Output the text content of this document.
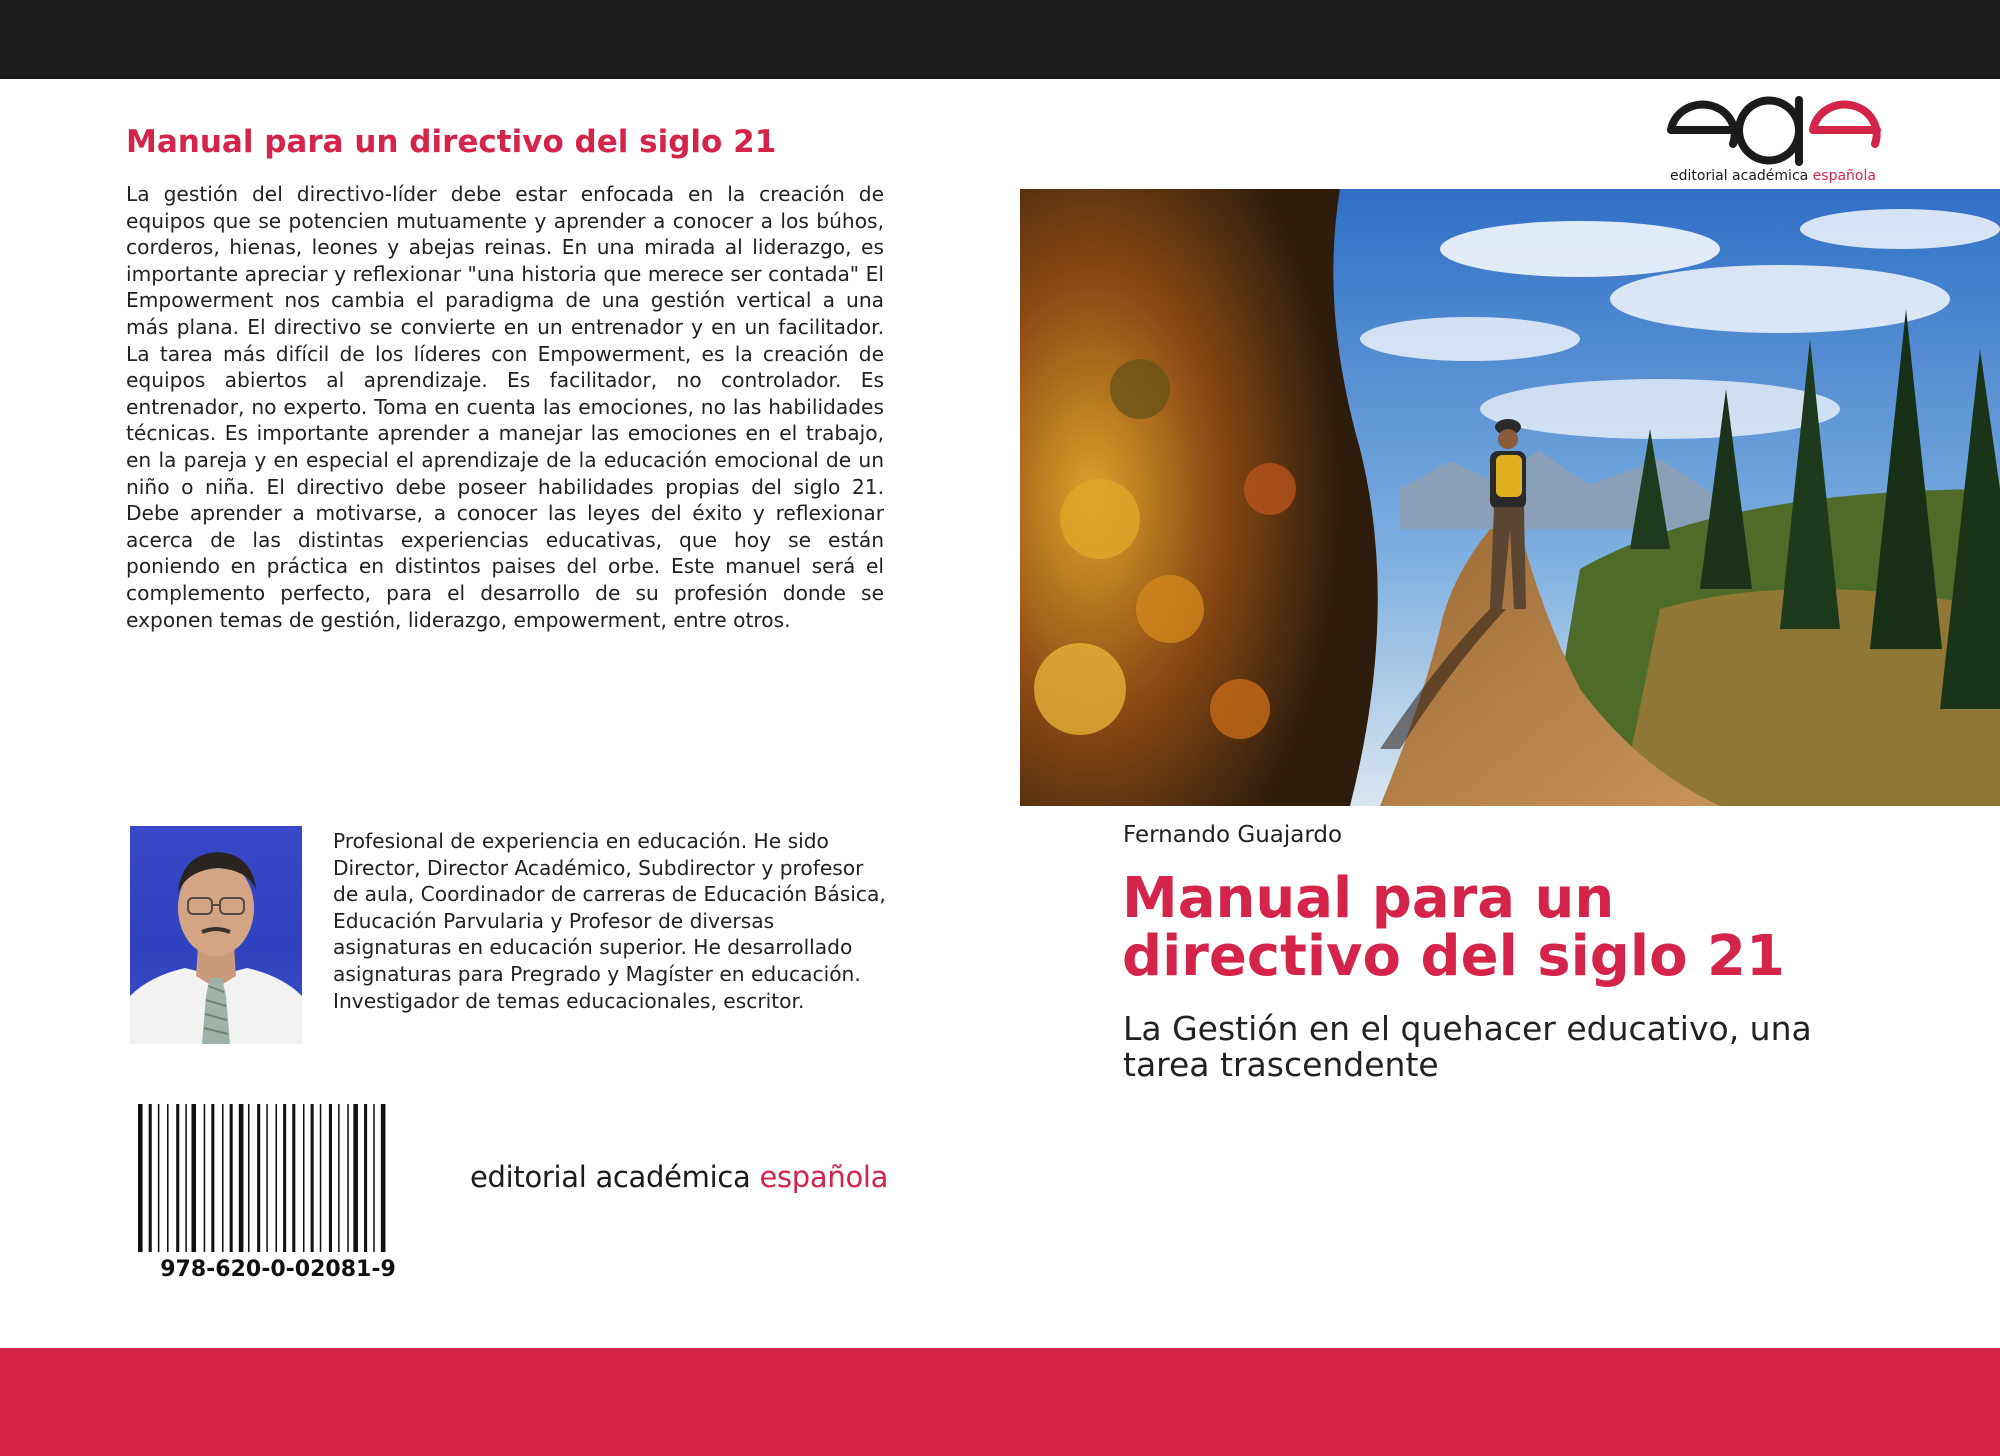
Manual para un directivo del siglo 21

La gestión del directivo-líder debe estar enfocada en la creación de equipos que se potencien mutuamente y aprender a conocer a los búhos, corderos, hienas, leones y abejas reinas. En una mirada al liderazgo, es importante apreciar y reflexionar "una historia que merece ser contada" El Empowerment nos cambia el paradigma de una gestión vertical a una más plana. El directivo se convierte en un entrenador y en un facilitador. La tarea más difícil de los líderes con Empowerment, es la creación de equipos abiertos al aprendizaje. Es facilitador, no controlador. Es entrenador, no experto. Toma en cuenta las emociones, no las habilidades técnicas. Es importante aprender a manejar las emociones en el trabajo, en la pareja y en especial el aprendizaje de la educación emocional de un niño o niña. El directivo debe poseer habilidades propias del siglo 21. Debe aprender a motivarse, a conocer las leyes del éxito y reflexionar acerca de las distintas experiencias educativas, que hoy se están poniendo en práctica en distintos paises del orbe. Este manuel será el complemento perfecto, para el desarrollo de su profesión donde se exponen temas de gestión, liderazgo, empowerment, entre otros.

Profesional de experiencia en educación. He sido Director, Director Académico, Subdirector y profesor de aula, Coordinador de carreras de Educación Básica, Educación Parvularia y Profesor de diversas asignaturas en educación superior. He desarrollado asignaturas para Pregrado y Magíster en educación. Investigador de temas educacionales, escritor.

978-620-0-02081-9
editorial académica española
editorial académica española
Fernando Guajardo
Manual para un directivo del siglo 21

La Gestión en el quehacer educativo, una tarea trascendente
